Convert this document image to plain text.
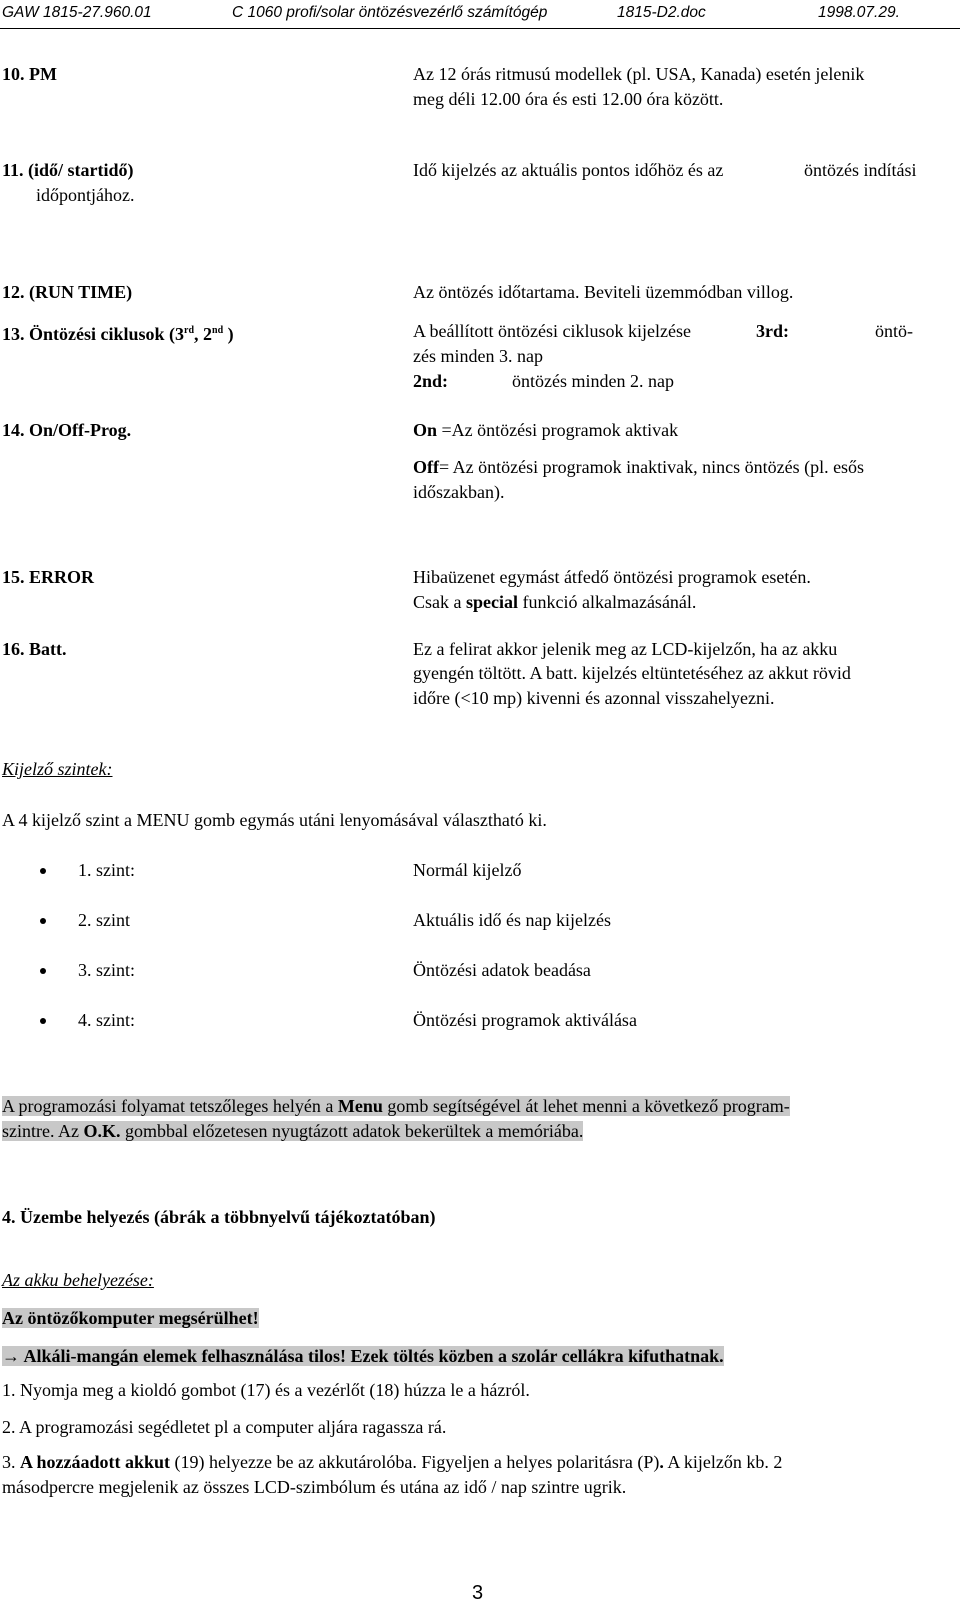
GAW 1815-27.960.01	C 1060 profi/solar öntözésvezérlő számítógép	1815-D2.doc	1998.07.29.
10. PM	Az 12 órás ritmusú modellek (pl. USA, Kanada) esetén jelenik
meg déli 12.00 óra és esti 12.00 óra között.
11. (idő/ startidő)	Idő kijelzés az aktuális pontos időhöz és az	öntözés indítási
időpontjához.
12. (RUN TIME)	Az öntözés időtartama. Beviteli üzemmódban villog.
13. Öntözési ciklusok (3rd, 2nd )	A beállított öntözési ciklusok kijelzése	3rd:	öntö-
zés minden 3. nap
2nd:	öntözés minden 2. nap
14. On/Off-Prog.	On =Az öntözési programok aktivak
Off= Az öntözési programok inaktivak, nincs öntözés (pl. esős
időszakban).
15. ERROR	Hibaüzenet egymást átfedő öntözési programok esetén.
Csak a special funkció alkalmazásánál.
16. Batt.	Ez a felirat akkor jelenik meg az LCD-kijelzőn, ha az akku
gyengén töltött. A batt. kijelzés eltüntetéséhez az akkut rövid
időre (<10 mp) kivenni és azonnal visszahelyezni.
Kijelző szintek:
A 4 kijelző szint a MENU gomb egymás utáni lenyomásával választható ki.
1. szint:	Normál kijelző
2. szint	Aktuális idő és nap kijelzés
3. szint:	Öntözési adatok beadása
4. szint:	Öntözési programok aktiválása
A programozási folyamat tetszőleges helyén a Menu gomb segítségével át lehet menni a következő program-
szintre. Az O.K. gombbal előzetesen nyugtázott adatok bekerültek a memóriába.
4. Üzembe helyezés (ábrák a többnyelvű tájékoztatóban)
Az akku behelyezése:
Az öntözőkomputer megsérülhet!
→ Alkáli-mangán elemek felhasználása tilos! Ezek töltés közben a szolár cellákra kifuthatnak.
1. Nyomja meg a kioldó gombot (17) és a vezérlőt (18) húzza le a házról.
2. A programozási segédletet pl a computer aljára ragassza rá.
3. A hozzáadott akkut (19) helyezze be az akkutárolóba. Figyeljen a helyes polaritásra (P). A kijelzőn kb. 2
másodpercre megjelenik az összes LCD-szimbólum és utána az idő / nap szintre ugrik.
3
